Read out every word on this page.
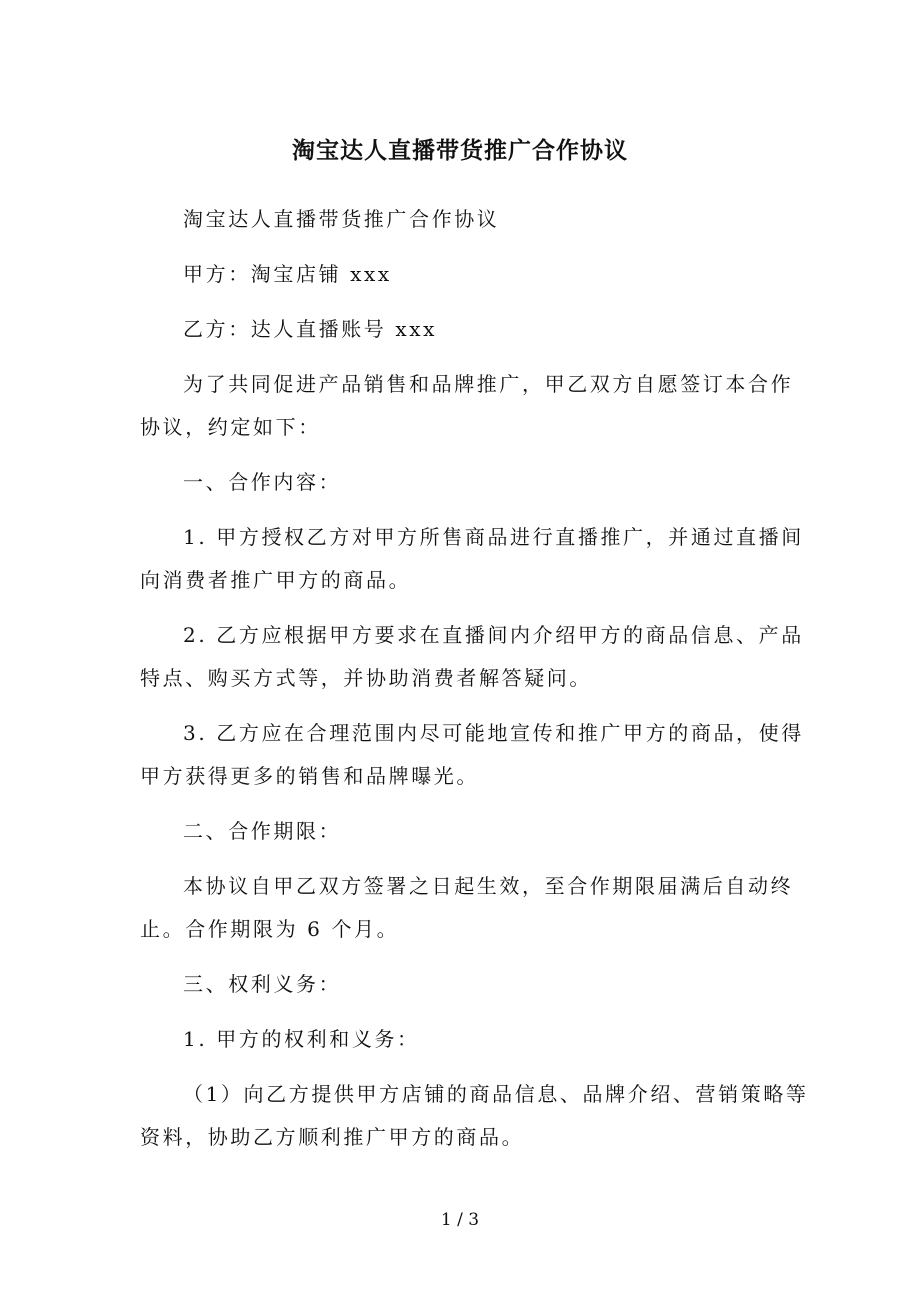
淘宝达人直播带货推广合作协议

淘宝达人直播带货推广合作协议

甲方：淘宝店铺 xxx

乙方：达人直播账号 xxx

为了共同促进产品销售和品牌推广，甲乙双方自愿签订本合作
协议，约定如下：

一、合作内容：

1. 甲方授权乙方对甲方所售商品进行直播推广，并通过直播间
向消费者推广甲方的商品。

2. 乙方应根据甲方要求在直播间内介绍甲方的商品信息、产品
特点、购买方式等，并协助消费者解答疑问。

3. 乙方应在合理范围内尽可能地宣传和推广甲方的商品，使得
甲方获得更多的销售和品牌曝光。

二、合作期限：

本协议自甲乙双方签署之日起生效，至合作期限届满后自动终
止。合作期限为 6 个月。

三、权利义务：

1. 甲方的权利和义务：

（1）向乙方提供甲方店铺的商品信息、品牌介绍、营销策略等
资料，协助乙方顺利推广甲方的商品。

1 / 3
